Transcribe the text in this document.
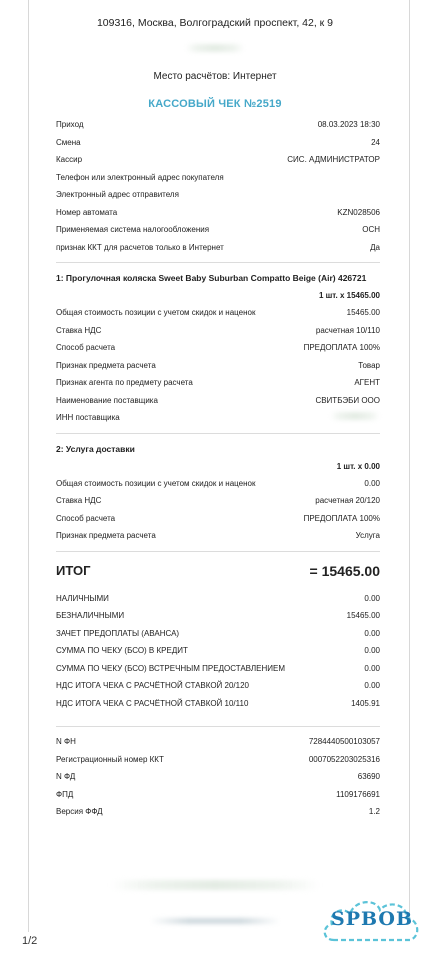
109316, Москва, Волгоградский проспект, 42, к 9
Место расчётов: Интернет
КАССОВЫЙ ЧЕК №2519
Приход	08.03.2023 18:30
Смена	24
Кассир	СИС. АДМИНИСТРАТОР
Телефон или электронный адрес покупателя
Электронный адрес отправителя
Номер автомата	KZN028506
Применяемая система налогообложения	ОСН
признак ККТ для расчетов только в Интернет	Да
1: Прогулочная коляска Sweet Baby Suburban Compatto Beige (Air) 426721
1 шт. x 15465.00
Общая стоимость позиции с учетом скидок и наценок	15465.00
Ставка НДС	расчетная 10/110
Способ расчета	ПРЕДОПЛАТА 100%
Признак предмета расчета	Товар
Признак агента по предмету расчета	АГЕНТ
Наименование поставщика	СВИТБЭБИ ООО
ИНН поставщика
2: Услуга доставки
1 шт. x 0.00
Общая стоимость позиции с учетом скидок и наценок	0.00
Ставка НДС	расчетная 20/120
Способ расчета	ПРЕДОПЛАТА 100%
Признак предмета расчета	Услуга
ИТОГ	= 15465.00
НАЛИЧНЫМИ	0.00
БЕЗНАЛИЧНЫМИ	15465.00
ЗАЧЕТ ПРЕДОПЛАТЫ (АВАНСА)	0.00
СУММА ПО ЧЕКУ (БСО) В КРЕДИТ	0.00
СУММА ПО ЧЕКУ (БСО) ВСТРЕЧНЫМ ПРЕДОСТАВЛЕНИЕМ	0.00
НДС ИТОГА ЧЕКА С РАСЧЁТНОЙ СТАВКОЙ 20/120	0.00
НДС ИТОГА ЧЕКА С РАСЧЁТНОЙ СТАВКОЙ 10/110	1405.91
N ФН	7284440500103057
Регистрационный номер ККТ	0007052203025316
N ФД	63690
ФПД	1109176691
Версия ФФД	1.2
1/2
SPBOB
